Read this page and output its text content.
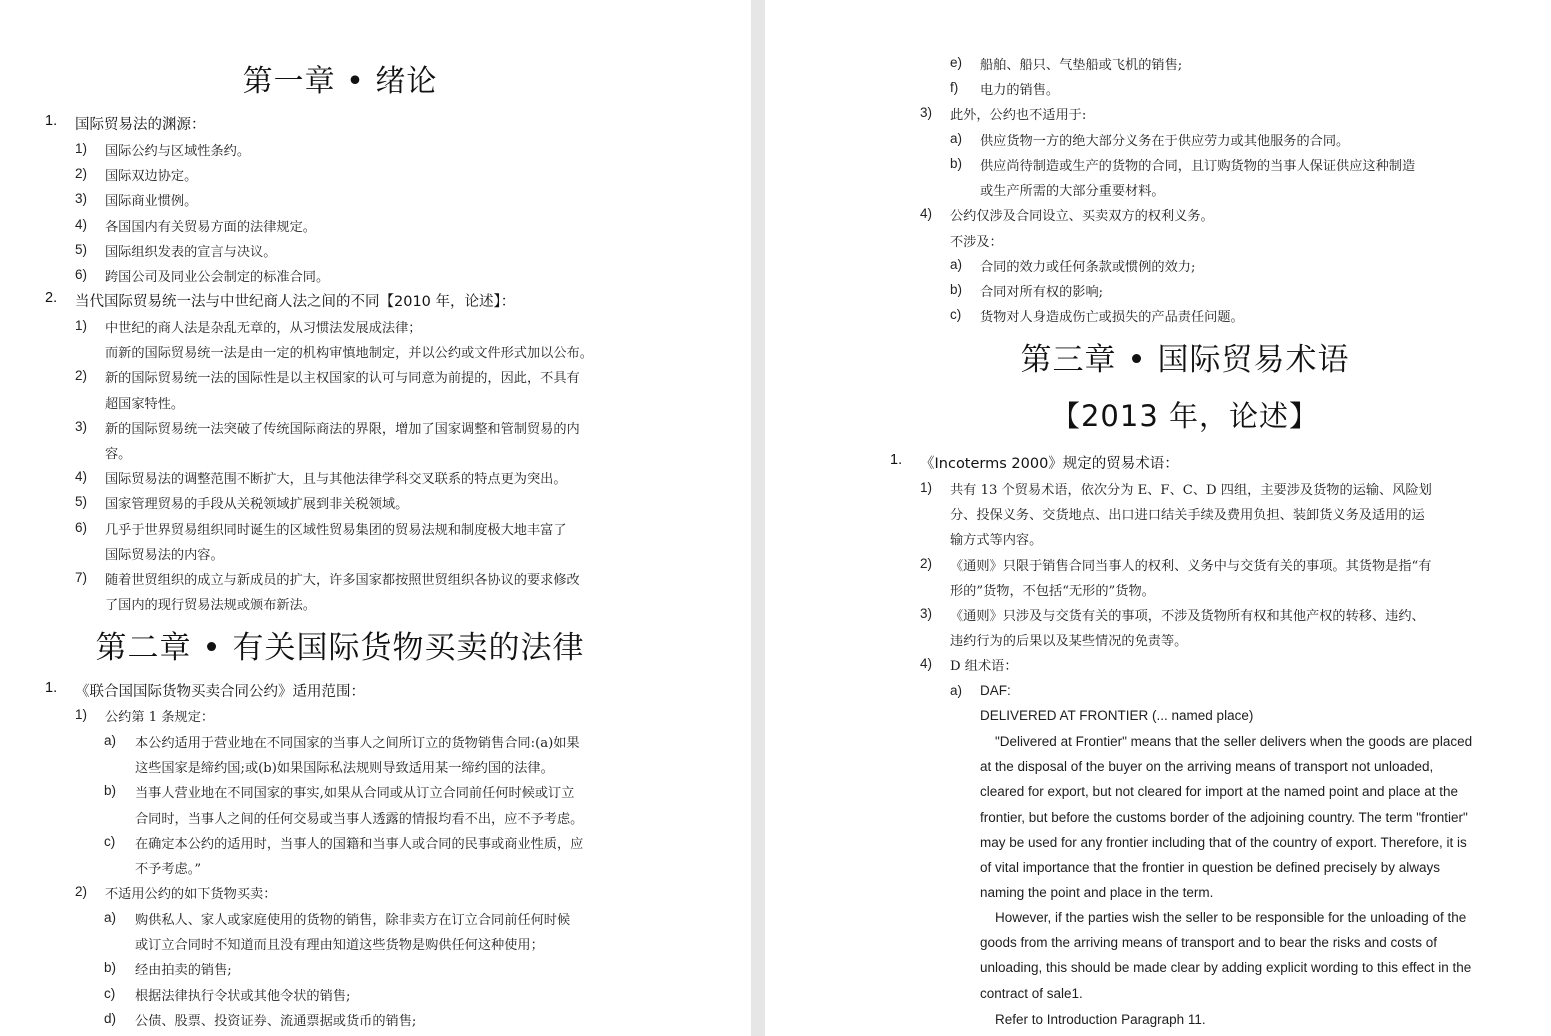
第一章 • 绪论
1. 国际贸易法的渊源：
1) 国际公约与区域性条约。
2) 国际双边协定。
3) 国际商业惯例。
4) 各国国内有关贸易方面的法律规定。
5) 国际组织发表的宣言与决议。
6) 跨国公司及同业公会制定的标准合同。
2. 当代国际贸易统一法与中世纪商人法之间的不同【2010 年，论述】：
1) 中世纪的商人法是杂乱无章的，从习惯法发展成法律；
而新的国际贸易统一法是由一定的机构审慎地制定，并以公约或文件形式加以公布。
2) 新的国际贸易统一法的国际性是以主权国家的认可与同意为前提的，因此，不具有
超国家特性。
3) 新的国际贸易统一法突破了传统国际商法的界限，增加了国家调整和管制贸易的内
容。
4) 国际贸易法的调整范围不断扩大，且与其他法律学科交叉联系的特点更为突出。
5) 国家管理贸易的手段从关税领域扩展到非关税领域。
6) 几乎于世界贸易组织同时诞生的区域性贸易集团的贸易法规和制度极大地丰富了
国际贸易法的内容。
7) 随着世贸组织的成立与新成员的扩大，许多国家都按照世贸组织各协议的要求修改
了国内的现行贸易法规或颁布新法。
第二章 • 有关国际货物买卖的法律
1. 《联合国国际货物买卖合同公约》适用范围：
1) 公约第 1 条规定：
a) 本公约适用于营业地在不同国家的当事人之间所订立的货物销售合同:(a)如果
这些国家是缔约国;或(b)如果国际私法规则导致适用某一缔约国的法律。
b) 当事人营业地在不同国家的事实,如果从合同或从订立合同前任何时候或订立
合同时，当事人之间的任何交易或当事人透露的情报均看不出，应不予考虑。
c) 在确定本公约的适用时，当事人的国籍和当事人或合同的民事或商业性质，应
不予考虑。”
2) 不适用公约的如下货物买卖：
a) 购供私人、家人或家庭使用的货物的销售，除非卖方在订立合同前任何时候
或订立合同时不知道而且没有理由知道这些货物是购供任何这种使用；
b) 经由拍卖的销售;
c) 根据法律执行令状或其他令状的销售;
d) 公债、股票、投资证券、流通票据或货币的销售;
e) 船舶、船只、气垫船或飞机的销售;
f) 电力的销售。
3) 此外，公约也不适用于:
a) 供应货物一方的绝大部分义务在于供应劳力或其他服务的合同。
b) 供应尚待制造或生产的货物的合同，且订购货物的当事人保证供应这种制造
或生产所需的大部分重要材料。
4) 公约仅涉及合同设立、买卖双方的权利义务。
不涉及：
a) 合同的效力或任何条款或惯例的效力;
b) 合同对所有权的影响;
c) 货物对人身造成伤亡或损失的产品责任问题。
第三章 • 国际贸易术语
【2013 年，论述】
1. 《Incoterms 2000》规定的贸易术语：
1) 共有 13 个贸易术语，依次分为 E、F、C、D 四组，主要涉及货物的运输、风险划
分、投保义务、交货地点、出口进口结关手续及费用负担、装卸货义务及适用的运
输方式等内容。
2) 《通则》只限于销售合同当事人的权利、义务中与交货有关的事项。其货物是指“有
形的”货物，不包括“无形的”货物。
3) 《通则》只涉及与交货有关的事项，不涉及货物所有权和其他产权的转移、违约、
违约行为的后果以及某些情况的免责等。
4) D 组术语：
a) DAF:
DELIVERED AT FRONTIER (... named place)
"Delivered at Frontier" means that the seller delivers when the goods are placed
at the disposal of the buyer on the arriving means of transport not unloaded,
cleared for export, but not cleared for import at the named point and place at the
frontier, but before the customs border of the adjoining country. The term "frontier"
may be used for any frontier including that of the country of export. Therefore, it is
of vital importance that the frontier in question be defined precisely by always
naming the point and place in the term.
However, if the parties wish the seller to be responsible for the unloading of the
goods from the arriving means of transport and to bear the risks and costs of
unloading, this should be made clear by adding explicit wording to this effect in the
contract of sale1.
Refer to Introduction Paragraph 11.
